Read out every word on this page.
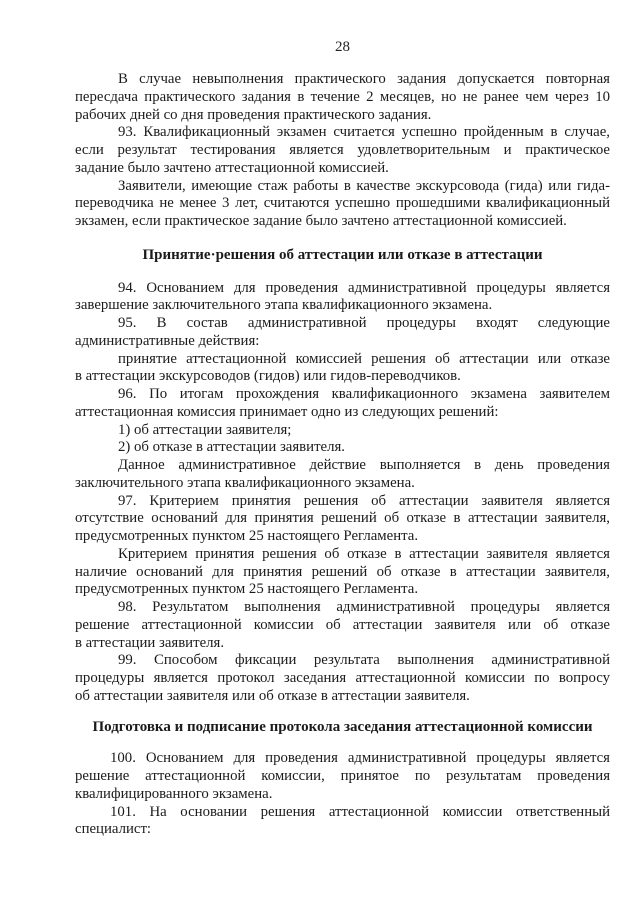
28
В случае невыполнения практического задания допускается повторная
пересдача практического задания в течение 2 месяцев, но не ранее чем через 10
рабочих дней со дня проведения практического задания.
93. Квалификационный экзамен считается успешно пройденным в случае,
если результат тестирования является удовлетворительным и практическое
задание было зачтено аттестационной комиссией.
Заявители, имеющие стаж работы в качестве экскурсовода (гида) или гида-
переводчика не менее 3 лет, считаются успешно прошедшими квалификационный
экзамен, если практическое задание было зачтено аттестационной комиссией.
Принятие·решения об аттестации или отказе в аттестации
94. Основанием для проведения административной процедуры является
завершение заключительного этапа квалификационного экзамена.
95. В состав административной процедуры входят следующие
административные действия:
принятие аттестационной комиссией решения об аттестации или отказе
в аттестации экскурсоводов (гидов) или гидов-переводчиков.
96. По итогам прохождения квалификационного экзамена заявителем
аттестационная комиссия принимает одно из следующих решений:
1) об аттестации заявителя;
2) об отказе в аттестации заявителя.
Данное административное действие выполняется в день проведения
заключительного этапа квалификационного экзамена.
97. Критерием принятия решения об аттестации заявителя является
отсутствие оснований для принятия решений об отказе в аттестации заявителя,
предусмотренных пунктом 25 настоящего Регламента.
Критерием принятия решения об отказе в аттестации заявителя является
наличие оснований для принятия решений об отказе в аттестации заявителя,
предусмотренных пунктом 25 настоящего Регламента.
98. Результатом выполнения административной процедуры является
решение аттестационной комиссии об аттестации заявителя или об отказе
в аттестации заявителя.
99. Способом фиксации результата выполнения административной
процедуры является протокол заседания аттестационной комиссии по вопросу
об аттестации заявителя или об отказе в аттестации заявителя.
Подготовка и подписание протокола заседания аттестационной комиссии
100. Основанием для проведения административной процедуры является
решение аттестационной комиссии, принятое по результатам проведения
квалифицированного экзамена.
101. На основании решения аттестационной комиссии ответственный
специалист:
